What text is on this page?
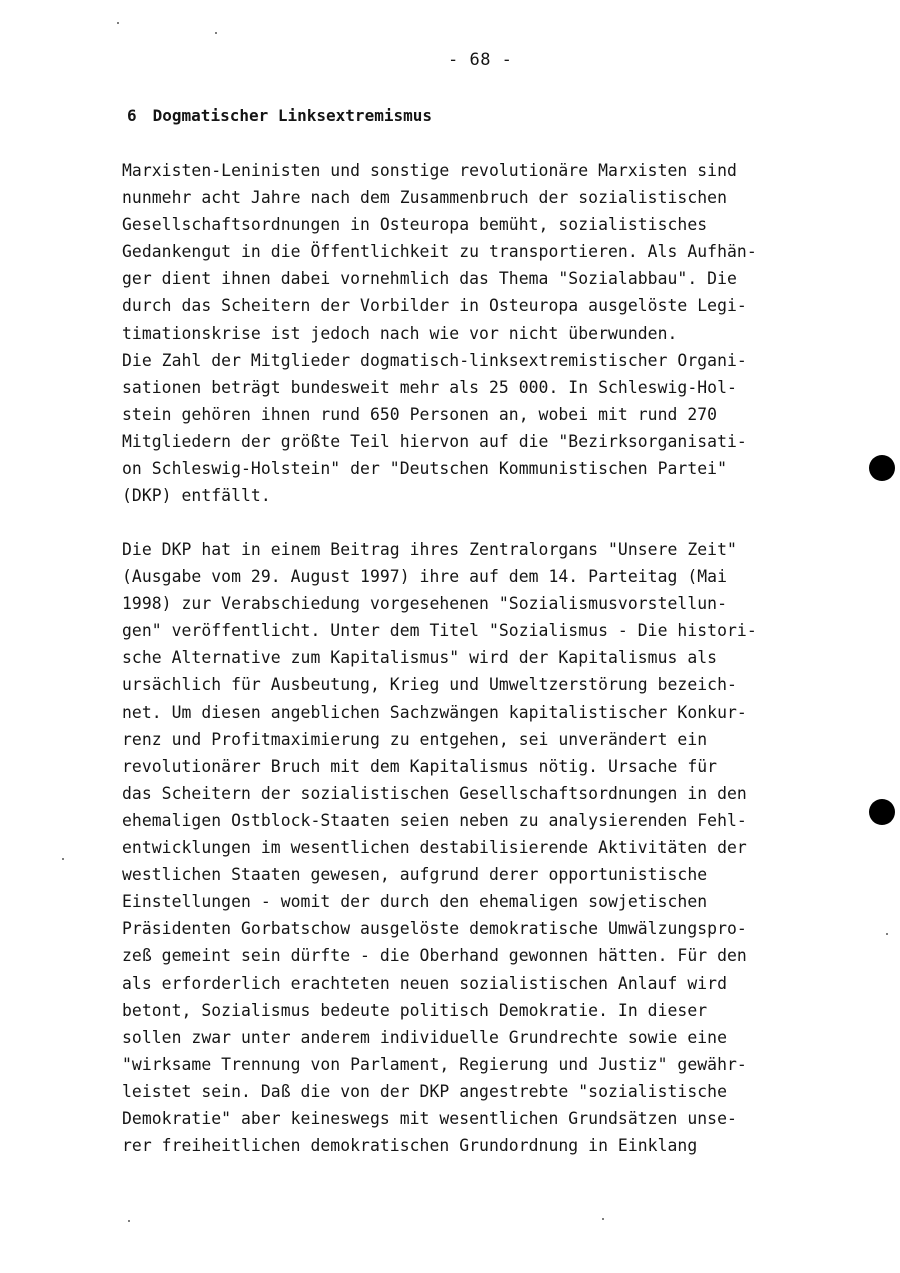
- 68 -
6 Dogmatischer Linksextremismus
Marxisten-Leninisten und sonstige revolutionäre Marxisten sind
nunmehr acht Jahre nach dem Zusammenbruch der sozialistischen
Gesellschaftsordnungen in Osteuropa bemüht, sozialistisches
Gedankengut in die Öffentlichkeit zu transportieren. Als Aufhän-
ger dient ihnen dabei vornehmlich das Thema "Sozialabbau". Die
durch das Scheitern der Vorbilder in Osteuropa ausgelöste Legi-
timationskrise ist jedoch nach wie vor nicht überwunden.
Die Zahl der Mitglieder dogmatisch-linksextremistischer Organi-
sationen beträgt bundesweit mehr als 25 000. In Schleswig-Hol-
stein gehören ihnen rund 650 Personen an, wobei mit rund 270
Mitgliedern der größte Teil hiervon auf die "Bezirksorganisati-
on Schleswig-Holstein" der "Deutschen Kommunistischen Partei"
(DKP) entfällt.
Die DKP hat in einem Beitrag ihres Zentralorgans "Unsere Zeit"
(Ausgabe vom 29. August 1997) ihre auf dem 14. Parteitag (Mai
1998) zur Verabschiedung vorgesehenen "Sozialismusvorstellun-
gen" veröffentlicht. Unter dem Titel "Sozialismus - Die histori-
sche Alternative zum Kapitalismus" wird der Kapitalismus als
ursächlich für Ausbeutung, Krieg und Umweltzerstörung bezeich-
net. Um diesen angeblichen Sachzwängen kapitalistischer Konkur-
renz und Profitmaximierung zu entgehen, sei unverändert ein
revolutionärer Bruch mit dem Kapitalismus nötig. Ursache für
das Scheitern der sozialistischen Gesellschaftsordnungen in den
ehemaligen Ostblock-Staaten seien neben zu analysierenden Fehl-
entwicklungen im wesentlichen destabilisierende Aktivitäten der
westlichen Staaten gewesen, aufgrund derer opportunistische
Einstellungen - womit der durch den ehemaligen sowjetischen
Präsidenten Gorbatschow ausgelöste demokratische Umwälzungspro-
zeß gemeint sein dürfte - die Oberhand gewonnen hätten. Für den
als erforderlich erachteten neuen sozialistischen Anlauf wird
betont, Sozialismus bedeute politisch Demokratie. In dieser
sollen zwar unter anderem individuelle Grundrechte sowie eine
"wirksame Trennung von Parlament, Regierung und Justiz" gewähr-
leistet sein. Daß die von der DKP angestrebte "sozialistische
Demokratie" aber keineswegs mit wesentlichen Grundsätzen unse-
rer freiheitlichen demokratischen Grundordnung in Einklang
